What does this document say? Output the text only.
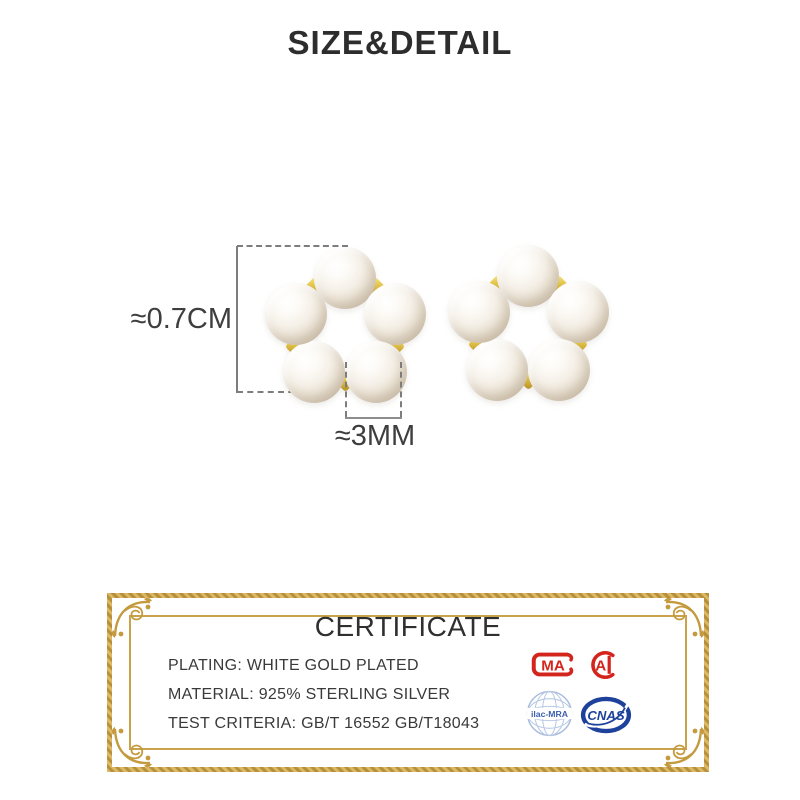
SIZE&DETAIL
≈0.7CM
≈3MM
CERTIFICATE
PLATING: WHITE GOLD PLATED
MATERIAL: 925% STERLING SILVER
TEST CRITERIA: GB/T 16552 GB/T18043
MA A
ilac-MRA CNAS
